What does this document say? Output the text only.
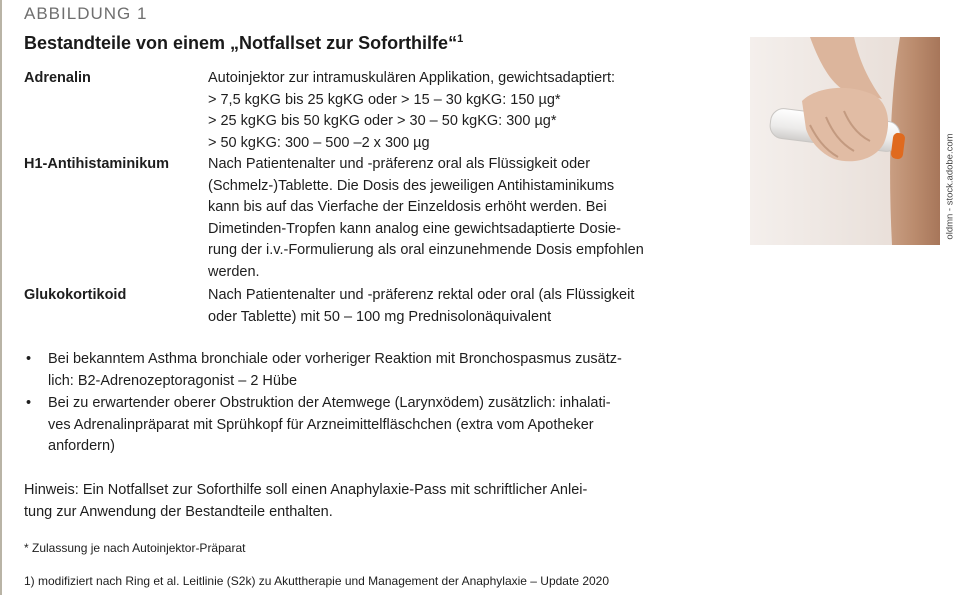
ABBILDUNG 1
Bestandteile von einem „Notfallset zur Soforthilfe“$^1$
Adrenalin	Autoinjektor zur intramuskulären Applikation, gewichtsadaptiert:
> 7,5 kgKG bis 25 kgKG oder > 15 – 30 kgKG: 150 µg*
> 25 kgKG bis 50 kgKG oder > 30 – 50 kgKG: 300 µg*
> 50 kgKG: 300 – 500 –2 x 300 µg
H1-Antihistaminikum	Nach Patientenalter und -präferenz oral als Flüssigkeit oder
(Schmelz-)Tablette. Die Dosis des jeweiligen Antihistaminikums
kann bis auf das Vierfache der Einzeldosis erhöht werden. Bei
Dimetinden-Tropfen kann analog eine gewichtsadaptierte Dosie-
rung der i.v.-Formulierung als oral einzunehmende Dosis empfohlen
werden.
Glukokortikoid	Nach Patientenalter und -präferenz rektal oder oral (als Flüssigkeit
oder Tablette) mit 50 – 100 mg Prednisolonäquivalent
• Bei bekanntem Asthma bronchiale oder vorheriger Reaktion mit Bronchospasmus zusätz-
lich: B2-Adrenozeptoragonist – 2 Hübe
• Bei zu erwartender oberer Obstruktion der Atemwege (Larynxödem) zusätzlich: inhalati-
ves Adrenalinpräparat mit Sprühkopf für Arzneimittelfläschchen (extra vom Apotheker
anfordern)
Hinweis: Ein Notfallset zur Soforthilfe soll einen Anaphylaxie-Pass mit schriftlicher Anlei-
tung zur Anwendung der Bestandteile enthalten.
* Zulassung je nach Autoinjektor-Präparat
1) modifiziert nach Ring et al. Leitlinie (S2k) zu Akuttherapie und Management der Anaphylaxie – Update 2020
oldmn - stock.adobe.com
